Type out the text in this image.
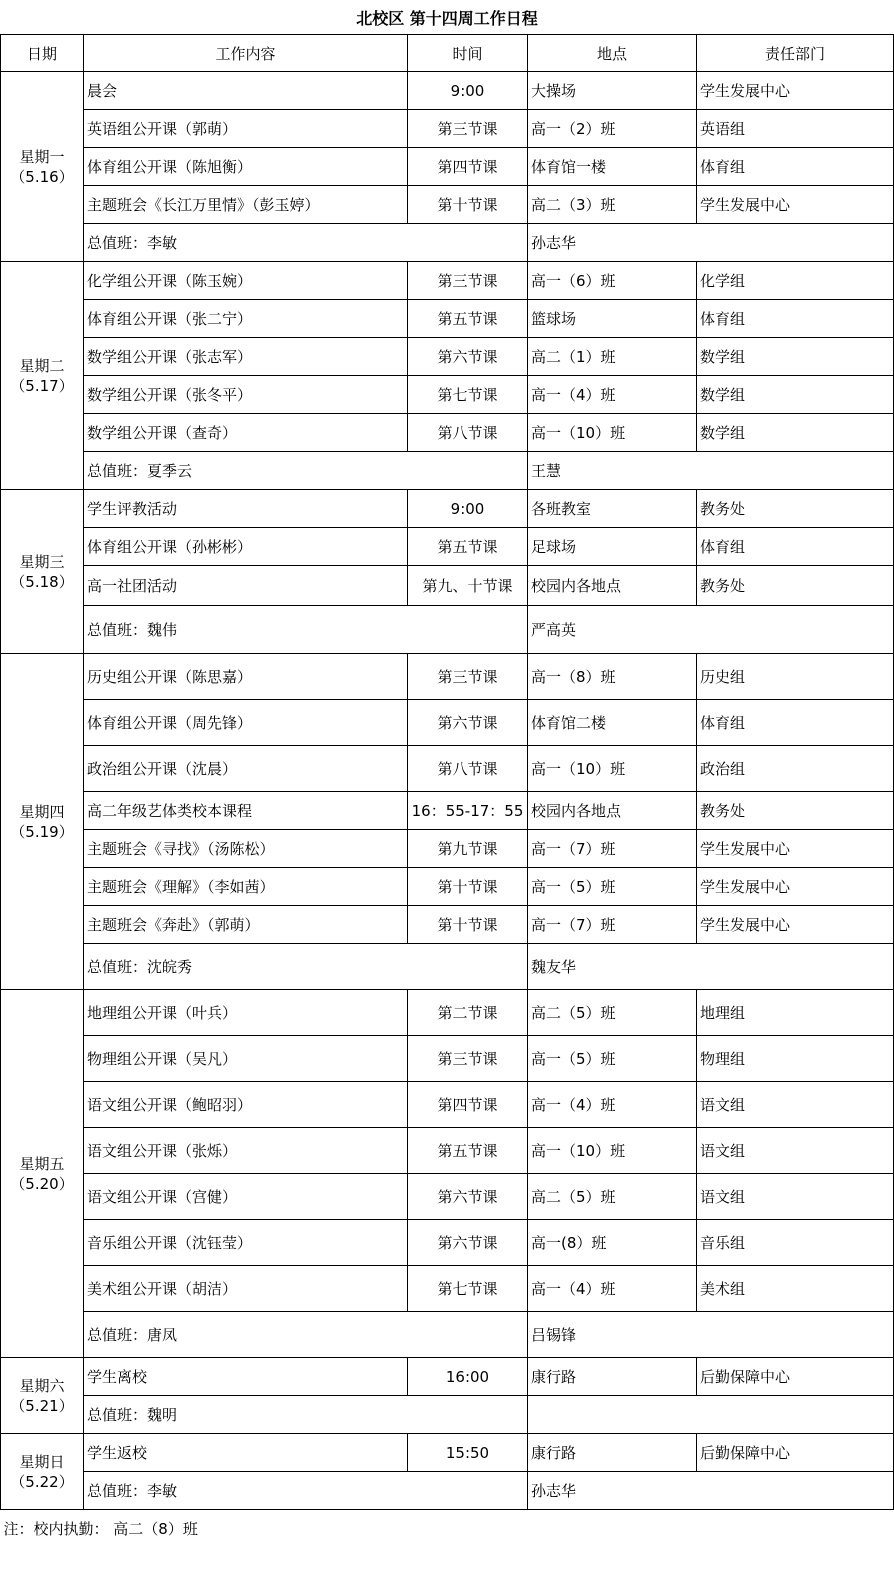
北校区 第十四周工作日程				
日期	工作内容	时间	地点	责任部门

星期一
（5.16）	晨会	9:00	大操场	学生发展中心
	英语组公开课（郭萌）	第三节课	高一（2）班	英语组
	体育组公开课（陈旭衡）	第四节课	体育馆一楼	体育组
	主题班会《长江万里情》（彭玉婷）	第十节课	高二（3）班	学生发展中心
	总值班：李敏		孙志华	

星期二
（5.17）	化学组公开课（陈玉婉）	第三节课	高一（6）班	化学组
	体育组公开课（张二宁）	第五节课	篮球场	体育组
	数学组公开课（张志军）	第六节课	高二（1）班	数学组
	数学组公开课（张冬平）	第七节课	高一（4）班	数学组
	数学组公开课（查奇）	第八节课	高一（10）班	数学组
	总值班：夏季云		王慧	

星期三
（5.18）	学生评教活动	9:00	各班教室	教务处
	体育组公开课（孙彬彬）	第五节课	足球场	体育组
	高一社团活动	第九、十节课	校园内各地点	教务处
	总值班：魏伟		严高英	

星期四
（5.19）	历史组公开课（陈思嘉）	第三节课	高一（8）班	历史组
	体育组公开课（周先锋）	第六节课	体育馆二楼	体育组
	政治组公开课（沈晨）	第八节课	高一（10）班	政治组
	高二年级艺体类校本课程	16：55-17：55	校园内各地点	教务处
	主题班会《寻找》（汤陈松）	第九节课	高一（7）班	学生发展中心
	主题班会《理解》（李如茜）	第十节课	高一（5）班	学生发展中心
	主题班会《奔赴》（郭萌）	第十节课	高一（7）班	学生发展中心
	总值班：沈皖秀		魏友华	

星期五
（5.20）	地理组公开课（叶兵）	第二节课	高二（5）班	地理组
	物理组公开课（吴凡）	第三节课	高一（5）班	物理组
	语文组公开课（鲍昭羽）	第四节课	高一（4）班	语文组
	语文组公开课（张烁）	第五节课	高一（10）班	语文组
	语文组公开课（宫健）	第六节课	高二（5）班	语文组
	音乐组公开课（沈钰莹）	第六节课	高一(8）班	音乐组
	美术组公开课（胡洁）	第七节课	高一（4）班	美术组
	总值班：唐凤		吕锡锋	

星期六
（5.21）	学生离校	16:00	康行路	后勤保障中心
	总值班：魏明			

星期日
（5.22）	学生返校	15:50	康行路	后勤保障中心
	总值班：李敏		孙志华	
注：校内执勤： 高二（8）班				
